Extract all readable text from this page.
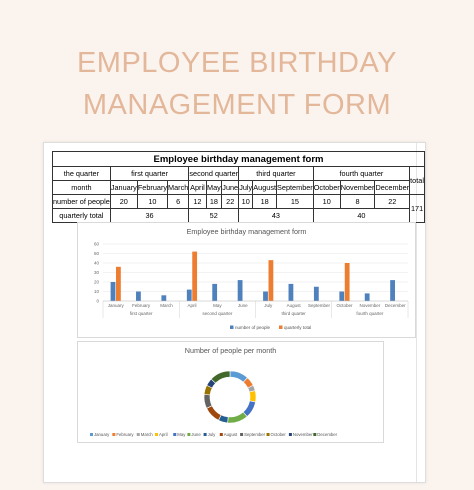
EMPLOYEE BIRTHDAY
MANAGEMENT FORM
Employee birthday management form													
the quarter	first quarter			second quarter			third quarter			fourth quarter			total
month	January	February	March	April	May	June	July	August	September	October	November	December	
number of people	20	10	6	12	18	22	10	18	15	10	8	22	171
quarterly total	36			52			43			40			
Employee birthday management form
0
10
20
30
40
50
60
January February March	April	May	June	July	August September October November December
first quarter	second quarter	third quarter	fourth quarter
number of people	quarterly total
Number of people per month
January February March April May June July August September October November December
